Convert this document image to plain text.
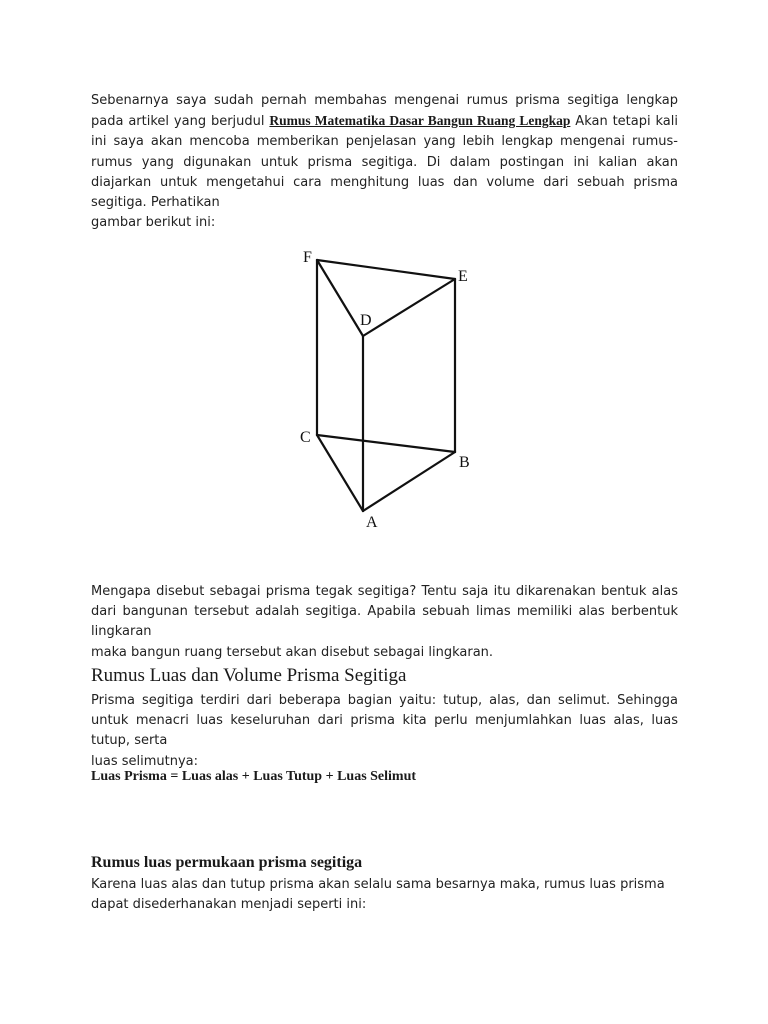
Sebenarnya saya sudah pernah membahas mengenai rumus prisma segitiga lengkap pada artikel yang berjudul Rumus Matematika Dasar Bangun Ruang Lengkap Akan tetapi kali ini saya akan mencoba memberikan penjelasan yang lebih lengkap mengenai rumus-rumus yang digunakan untuk prisma segitiga. Di dalam postingan ini kalian akan diajarkan untuk mengetahui cara menghitung luas dan volume dari sebuah prisma segitiga. Perhatikan
gambar berikut ini:

F
E
D
C
B
A

Mengapa disebut sebagai prisma tegak segitiga? Tentu saja itu dikarenakan bentuk alas dari bangunan tersebut adalah segitiga. Apabila sebuah limas memiliki alas berbentuk lingkaran
maka bangun ruang tersebut akan disebut sebagai lingkaran.

Rumus Luas dan Volume Prisma Segitiga

Prisma segitiga terdiri dari beberapa bagian yaitu: tutup, alas, dan selimut. Sehingga untuk menacri luas keseluruhan dari prisma kita perlu menjumlahkan luas alas, luas tutup, serta
luas selimutnya:

Luas Prisma = Luas alas + Luas Tutup + Luas Selimut

Rumus luas permukaan prisma segitiga

Karena luas alas dan tutup prisma akan selalu sama besarnya maka, rumus luas prisma
dapat disederhanakan menjadi seperti ini:
